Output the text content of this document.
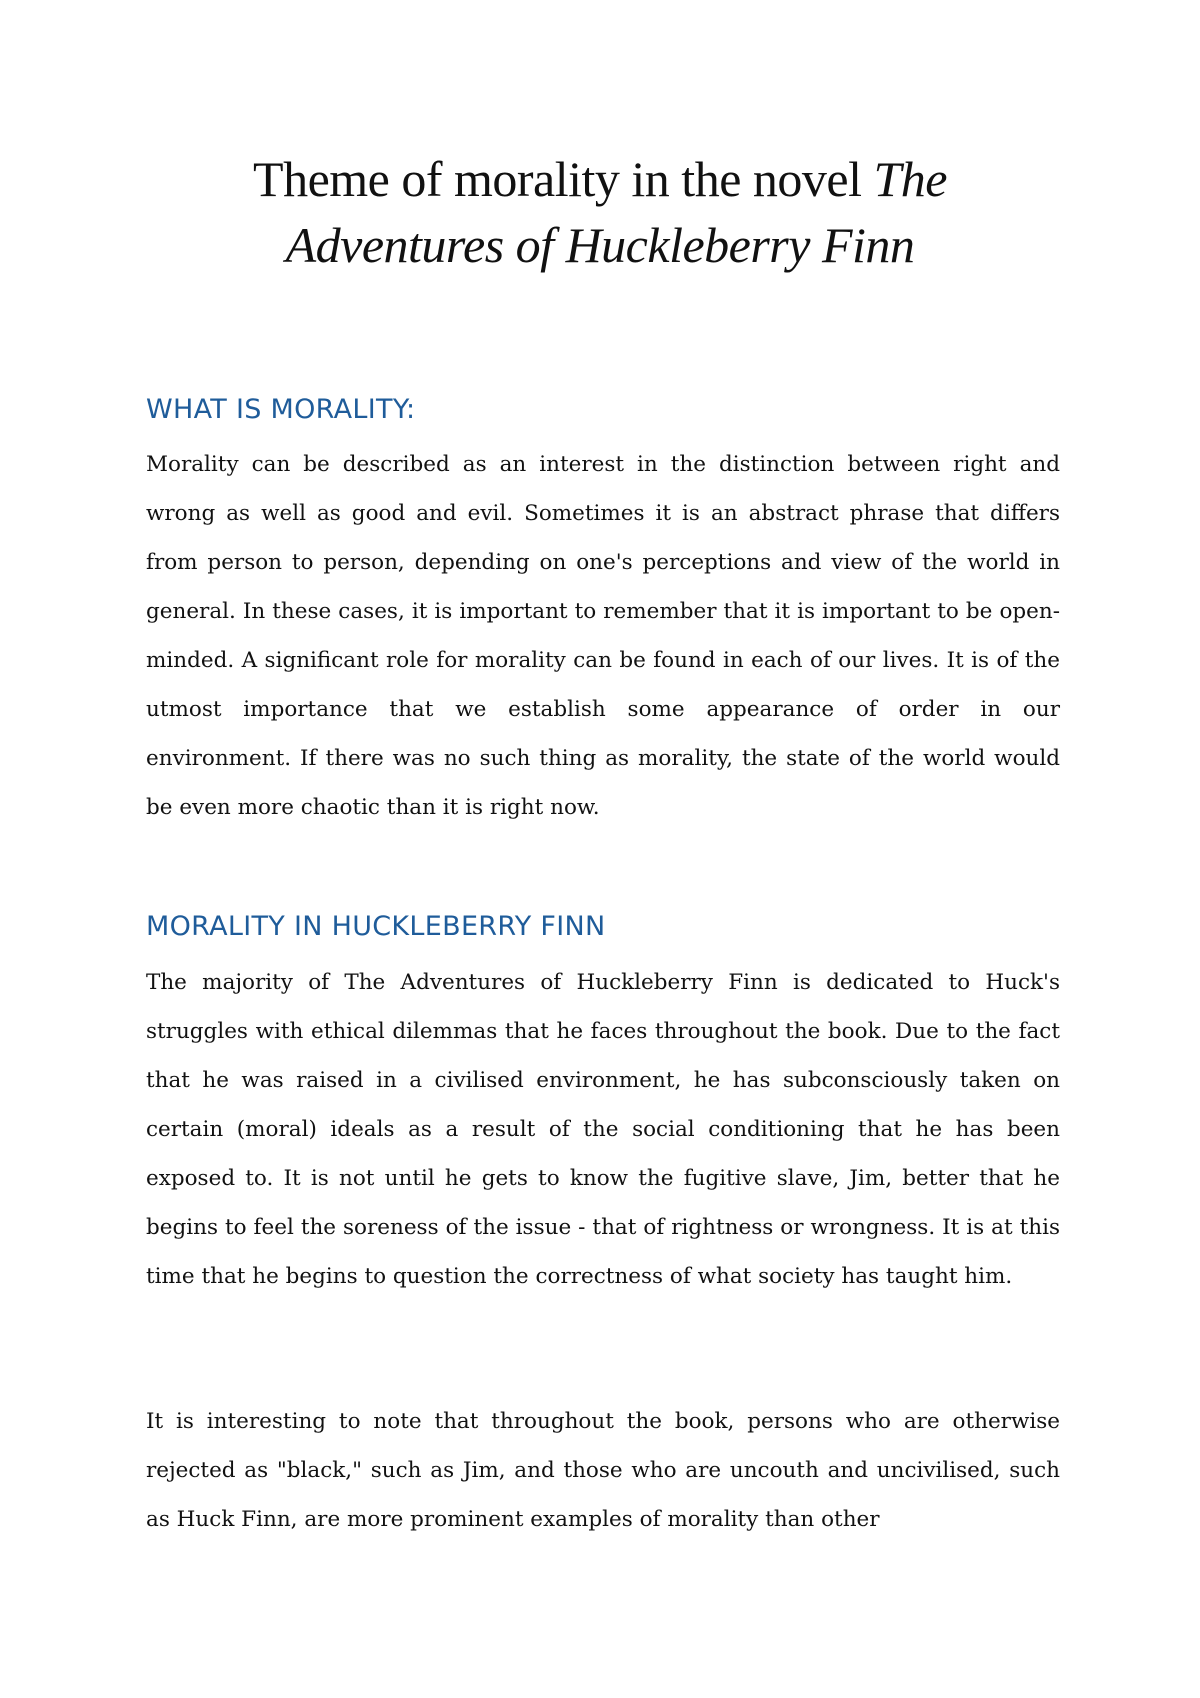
Theme of morality in the novel The
Adventures of Huckleberry Finn
WHAT IS MORALITY:

Morality can be described as an interest in the distinction between right and wrong as well as good and evil. Sometimes it is an abstract phrase that differs from person to person, depending on one's perceptions and view of the world in general. In these cases, it is important to remember that it is important to be open-minded. A significant role for morality can be found in each of our lives. It is of the utmost importance that we establish some appearance of order in our environment. If there was no such thing as morality, the state of the world would be even more chaotic than it is right now.

MORALITY IN HUCKLEBERRY FINN

The majority of The Adventures of Huckleberry Finn is dedicated to Huck's struggles with ethical dilemmas that he faces throughout the book. Due to the fact that he was raised in a civilised environment, he has subconsciously taken on certain (moral) ideals as a result of the social conditioning that he has been exposed to. It is not until he gets to know the fugitive slave, Jim, better that he begins to feel the soreness of the issue - that of rightness or wrongness. It is at this time that he begins to question the correctness of what society has taught him.

It is interesting to note that throughout the book, persons who are otherwise rejected as "black," such as Jim, and those who are uncouth and uncivilised, such as Huck Finn, are more prominent examples of morality than other
